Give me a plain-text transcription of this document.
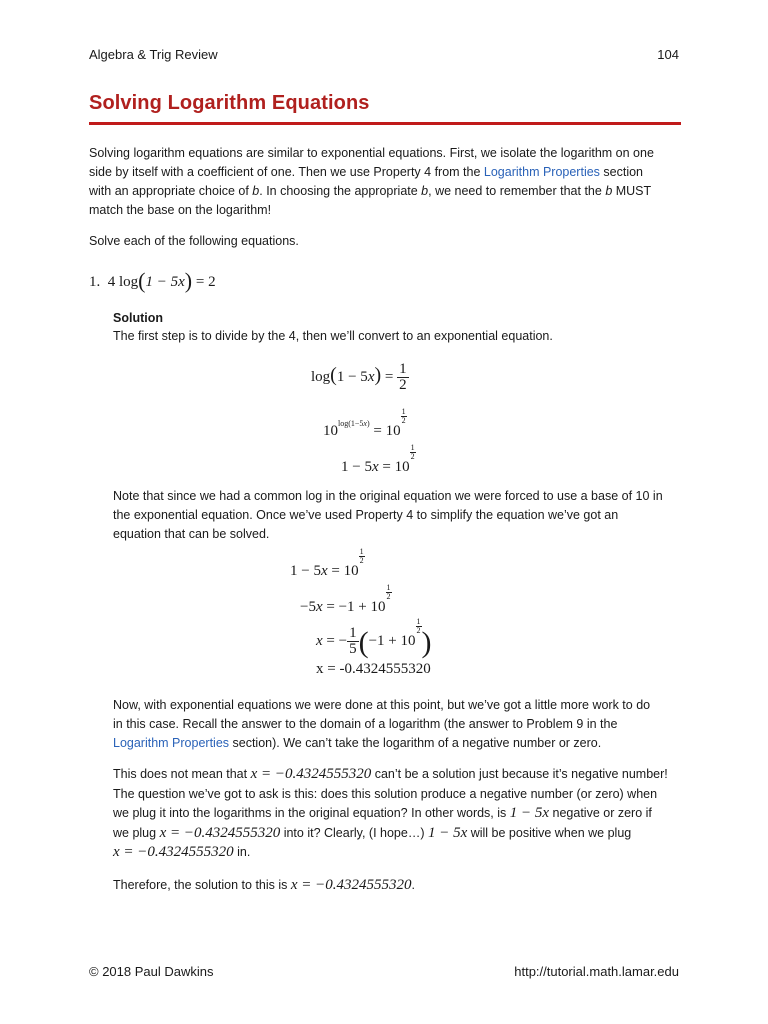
Algebra & Trig Review	104
Solving Logarithm Equations
Solving logarithm equations are similar to exponential equations. First, we isolate the logarithm on one
side by itself with a coefficient of one. Then we use Property 4 from the Logarithm Properties section
with an appropriate choice of b. In choosing the appropriate b, we need to remember that the b MUST
match the base on the logarithm!
Solve each of the following equations.
1. 4 log(1 − 5x) = 2
Solution
The first step is to divide by the 4, then we’ll convert to an exponential equation.
$\log(1 - 5x) = \frac{1}{2}$
$10^{log(1-5x)} = 10$
$\frac{1}{2}$
1 − 5x = 10
$\frac{1}{2}$
Note that since we had a common log in the original equation we were forced to use a base of 10 in
the exponential equation. Once we’ve used Property 4 to simplify the equation we’ve got an
equation that can be solved.
1 − 5x = 10
$\frac{1}{2}$
−5x = −1 + 10
$\frac{1}{2}$
x = − $\frac{1}{5} (-1 + 10$
$\frac{1}{2}$ )
x = -0.4324555320
Now, with exponential equations we were done at this point, but we’ve got a little more work to do
in this case. Recall the answer to the domain of a logarithm (the answer to Problem 9 in the
Logarithm Properties section). We can’t take the logarithm of a negative number or zero.
This does not mean that x = −0.4324555320 can’t be a solution just because it’s negative number!
The question we’ve got to ask is this: does this solution produce a negative number (or zero) when
we plug it into the logarithms in the original equation? In other words, is 1 − 5x negative or zero if
we plug x = −0.4324555320 into it? Clearly, (I hope…) 1 − 5x will be positive when we plug
x = −0.4324555320 in.
Therefore, the solution to this is x = −0.4324555320.
© 2018 Paul Dawkins	http://tutorial.math.lamar.edu
